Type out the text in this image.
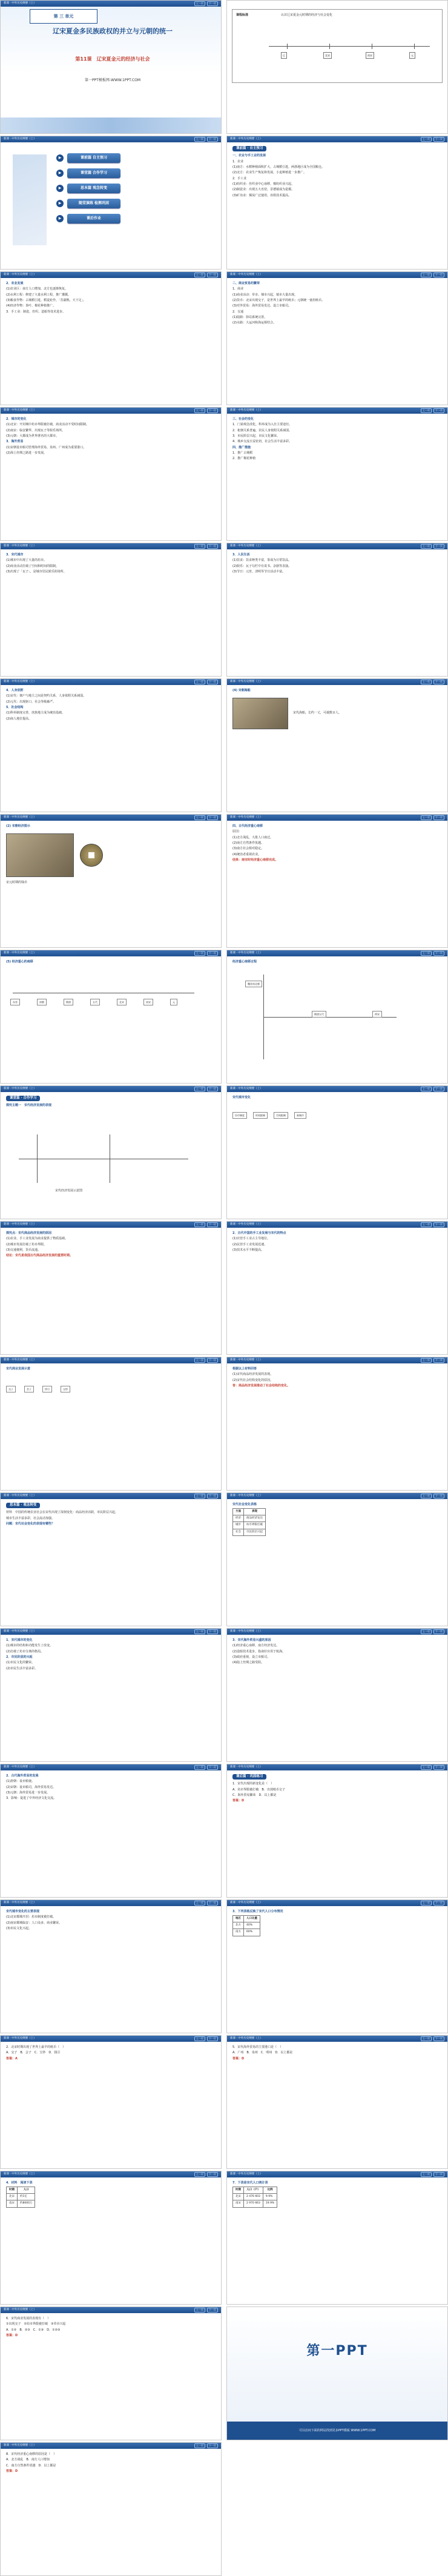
新课 · 中外历史纲要（上）	上一页	下一页
第 三 单元
辽宋夏金多民族政权的并立与元朝的统一
第11课　辽宋夏金元的经济与社会
第一PPT模板网-WWW.1PPT.COM
课程标准	认识辽宋夏金元时期的经济与社会变化
辽	北宋	南宋	元
新课 · 中外历史纲要（上）	上一页	下一页
▶	课前篇 自主预习
▶	课堂篇 合作学习
▶	思本篇 观念转变
▶	随堂演练 检测巩固
▶	课后作业
新课 · 中外历史纲要（上）	上一页	下一页
课前篇 · 自主预习

一、农业与手工业的发展

1．农业

(1)南方：水稻种植面积扩大，占城稻引进，两浙地区成为全国粮仓。

(2)北方：农业生产恢复和发展，小麦种植进一步推广。

2．手工业

(1)纺织业：丝织业中心南移，棉纺织业兴起。

(2)制瓷业：出现五大名窑，景德镇成为瓷都。

(3)矿冶业：煤炭广泛使用，冶铁技术提高。

新课 · 中外历史纲要（上）	上一页	下一页

2．农业发展

(1)农业区：南方人口增加，北方也逐渐恢复。

(2)水利工程：修建了大量水利工程，推广灌溉。

(3)粮食作物：占城稻引进，稻麦轮作，「苏湖熟，天下足」。

(4)经济作物：茶叶、棉花种植推广。

3．手工业：制瓷、丝织、造船等技术进步。

新课 · 中外历史纲要（上）	上一页	下一页

二、商业贸易的繁荣

1．商业

(1)商业活动：草市、墟市兴起，镇市大量出现。

(2)货币：北宋出现交子，是世界上最早的纸币；元朝统一使用纸币。

(3)对外贸易：海外贸易发达，设立市舶司。

2．交通

(1)陆路：驿站系统完善。

(2)水路：大运河和海运相结合。

新课 · 中外历史纲要（上）	上一页	下一页

2．城市的变化

(1)北宋：开封城中坊市界限被打破，商业活动不受时间限制。

(2)南宋：临安繁华，出现瓦子等娱乐场所。

(3)元朝：大都成为世界著名的大都市。

3．海外贸易

(1)宋朝设市舶司管理海外贸易，泉州、广州成为重要港口。

(2)海上丝绸之路进一步发展。

新课 · 中外历史纲要（上）	上一页	下一页

三、社会的变化

1．门第观念淡化，科举成为入仕主要途径。

2．租佃关系普遍，农民人身依附关系减弱。

3．市民阶层兴起，市民文化繁荣。

4．城乡交流日益密切，社会生活丰富多彩。

四、推广措施

1．推广占城稻

2．推广棉花种植

新课 · 中外历史纲要（上）	上一页	下一页

3．宋代城市

(1)城市中出现了大量的坊市。

(2)商业活动打破了空间和时间的限制。

(3)出现了「瓦子」，是城市居民娱乐的场所。

新课 · 中外历史纲要（上）	上一页	下一页

3．人民生活

(1)饮食：饮食种类丰富，茶成为日常饮品。

(2)娱乐：瓦子勾栏中有说书、杂剧等表演。

(3)节日：元宵、清明等节日活动丰富。

新课 · 中外历史纲要（上）	上一页	下一页

4．人身依附

(1)宋代：佃户与地主之间是契约关系，人身依附关系减弱。

(2)元代：出现驱口，社会等级森严。

5．社会结构

(1)科举制度完善，庶族地主成为统治基础。

(2)商人地位提高。

新课 · 中外历史纲要（上）	上一页	下一页

(4) 宋朝海船

宋代海船，长约一丈，可载数百人。
新课 · 中外历史纲要（上）	上一页	下一页

(2) 宋朝经济图示

宋元时期的钱币

新课 · 中外历史纲要（上）	上一页	下一页

四、古代经济重心南移

原因：

(1)北方战乱，大批人口南迁。

(2)南方自然条件优越。

(3)南方社会相对稳定。

(4)统治者重视农业。

结果：南宋时经济重心南移完成。

新课 · 中外历史纲要（上）	上一页	下一页

(5) 经济重心的南移

东晋	南朝	隋唐	五代	北宋	南宋	元
新课 · 中外历史纲要（上）	上一页	下一页

经济重心南移过程

魏晋南北朝
隋唐五代	两宋
新课 · 中外历史纲要（上）	上一页	下一页
课堂篇 · 合作学习

探究主题一　宋代经济发展的表现

宋代经济发展示意图

新课 · 中外历史纲要（上）	上一页	下一页

宋代城市变化

坊市制度	时间限制	空间限制	新城市
新课 · 中外历史纲要（上）	上一页	下一页

探究点：宋代商品经济发展的原因

(1)农业、手工业发展为商业提供了物质基础。

(2)城市发展打破了坊市界限。

(3)交通便利，货币流通。

结论：宋代是我国古代商品经济发展的重要时期。

新课 · 中外历史纲要（上）	上一页	下一页

2．古代中国的手工业发展与宋代的特点

(1)官营手工业占主导地位。

(2)民营手工业发展迅速。

(3)技术水平不断提高。

新课 · 中外历史纲要（上）	上一页	下一页

宋代商业发展示意

交子	会子	钞引	宝钞
新课 · 中外历史纲要（上）	上一页	下一页

根据以上材料回答

(1)宋代商品经济发展的表现。

(2)宋代社会结构变化的原因。

答：商品经济发展推动了社会结构的变化。

新课 · 中外历史纲要（上）	上一页	下一页
思本篇 · 观念转变

材料　中国的传统农业社会在宋代出现了深刻变化：商品经济活跃，市民阶层兴起，

城市生活丰富多彩，社会流动加强。

问题：宋代社会变化的表现有哪些？

新课 · 中外历史纲要（上）	上一页	下一页

宋代社会变化表格

方面	表现
经济	商品经济发达
城市	坊市界限打破
社会	市民阶层兴起
新课 · 中外历史纲要（上）	上一页	下一页

1．宋代城市的变化

(1)城市的结构和功能发生了改变。

(2)打破了坊市分离的格局。

2．市民阶层的兴起

(1)市民文化的繁荣。

(2)市民生活丰富多彩。

新课 · 中外历史纲要（上）	上一页	下一页

3．宋代海外贸易兴盛的原因

(1)经济重心南移，南方经济发达。

(2)造船技术进步，指南针应用于航海。

(3)政府重视，设立市舶司。

(4)陆上丝绸之路受阻。

新课 · 中外历史纲要（上）	上一页	下一页

2．古代海外贸易的发展

(1)唐朝：设市舶使。

(2)宋朝：设市舶司，海外贸易发达。

(3)元朝：海外贸易进一步发展。

3．影响：促进了中外经济文化交流。

新课 · 中外历史纲要（上）	上一页	下一页
课后篇 · 巩固练习

1．宋代出现的新变化是（　）

A．坊市界限被打破　B．出现纸币交子

C．海外贸易繁荣　D．以上都是

答案：D

新课 · 中外历史纲要（上）	上一页	下一页

宋代城市变化的主要表现

(1)北宋都城开封：坊市制度被打破。

(2)南宋都城临安：人口众多，商业繁荣。

(3)市民文化兴起。

新课 · 中外历史纲要（上）	上一页	下一页

3．下列表格反映了宋代人口分布情况

地区	人口比重
北方	40%
南方	60%
新课 · 中外历史纲要（上）	上一页	下一页

2．北宋时期出现了世界上最早的纸币（　）

A．交子　B．会子　C．宝钞　D．钱引

答案：A

新课 · 中外历史纲要（上）	上一页	下一页

5．宋代海外贸易的主要港口是（　）

A．广州　B．泉州　C．明州　D．以上都是

答案：D

新课 · 中外历史纲要（上）	上一页	下一页

4．材料　阅读下表

时期	人口
北宋	约1亿
南宋	约8000万
新课 · 中外历史纲要（上）	上一页	下一页

7．下表是宋代人口统计表

时期	人口（户）	比例
北宋	2 476 603	9.9%
南宋	2 970 663	19.9%
新课 · 中外历史纲要（上）	上一页	下一页

6．宋代商业发展的表现有（　）

①出现交子　②坊市界限被打破　③草市兴起

A．①②　B．②③　C．①③　D．①②③

答案：D

第一PPT
可以访问下面的网站找到更多PPT模板 WWW.1PPT.COM
新课 · 中外历史纲要（上）	上一页	下一页

8．宋代经济重心南移的原因是（　）

A．北方战乱　B．南方人口增加

C．南方自然条件优越　D．以上都是

答案：D
